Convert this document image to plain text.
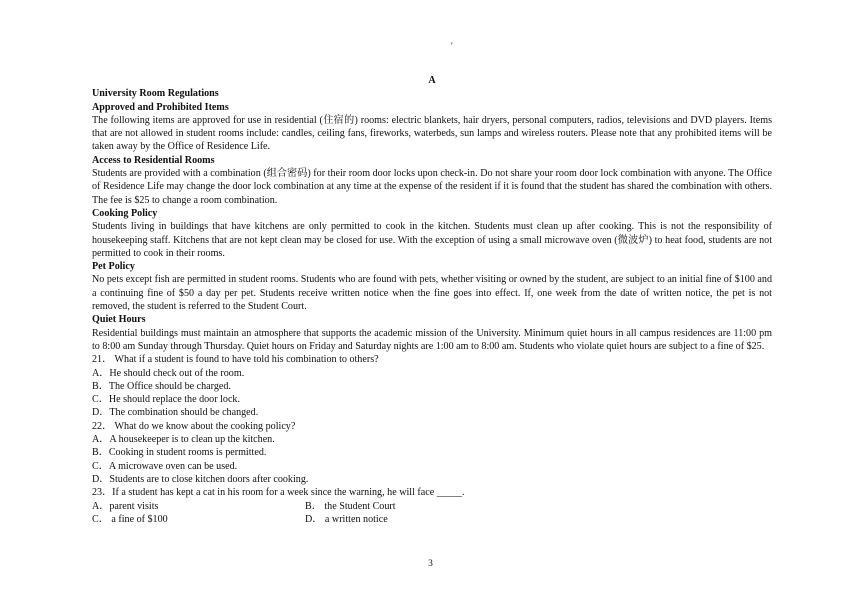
'

A

University Room Regulations

Approved and Prohibited Items

The following items are approved for use in residential (住宿的) rooms: electric blankets, hair dryers, personal computers, radios, televisions and DVD players. Items that are not allowed in student rooms include: candles, ceiling fans, fireworks, waterbeds, sun lamps and wireless routers. Please note that any prohibited items will be taken away by the Office of Residence Life.

Access to Residential Rooms

Students are provided with a combination (组合密码) for their room door locks upon check-in. Do not share your room door lock combination with anyone. The Office of Residence Life may change the door lock combination at any time at the expense of the resident if it is found that the student has shared the combination with others. The fee is $25 to change a room combination.

Cooking Policy

Students living in buildings that have kitchens are only permitted to cook in the kitchen. Students must clean up after cooking. This is not the responsibility of housekeeping staff. Kitchens that are not kept clean may be closed for use. With the exception of using a small microwave oven (微波炉) to heat food, students are not permitted to cook in their rooms.

Pet Policy

No pets except fish are permitted in student rooms. Students who are found with pets, whether visiting or owned by the student, are subject to an initial fine of $100 and a continuing fine of $50 a day per pet. Students receive written notice when the fine goes into effect. If, one week from the date of written notice, the pet is not removed, the student is referred to the Student Court.

Quiet Hours

Residential buildings must maintain an atmosphere that supports the academic mission of the University. Minimum quiet hours in all campus residences are 11:00 pm to 8:00 am Sunday through Thursday. Quiet hours on Friday and Saturday nights are 1:00 am to 8:00 am. Students who violate quiet hours are subject to a fine of $25.

21． What if a student is found to have told his combination to others?

A．He should check out of the room.

B．The Office should be charged.

C．He should replace the door lock.

D．The combination should be changed.

22． What do we know about the cooking policy?

A．A housekeeper is to clean up the kitchen.

B．Cooking in student rooms is permitted.

C．A microwave oven can be used.

D．Students are to close kitchen doors after cooking.

23．If a student has kept a cat in his room for a week since the warning, he will face _____.

A．parent visits	B． the Student Court
C． a fine of $100	D． a written notice
3
